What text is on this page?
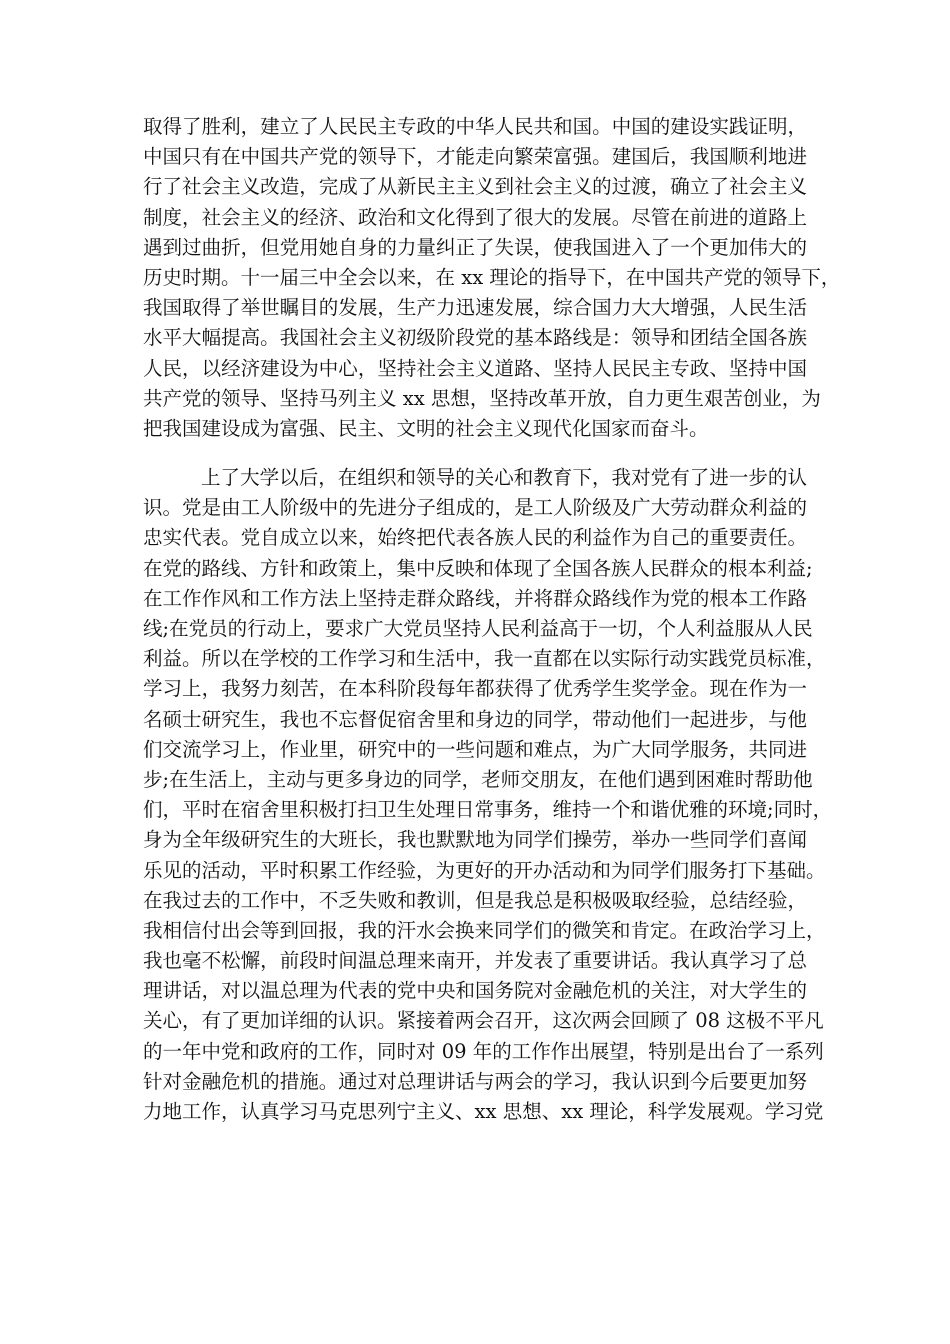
取得了胜利，建立了人民民主专政的中华人民共和国。中国的建设实践证明，
中国只有在中国共产党的领导下，才能走向繁荣富强。建国后，我国顺利地进
行了社会主义改造，完成了从新民主主义到社会主义的过渡，确立了社会主义
制度，社会主义的经济、政治和文化得到了很大的发展。尽管在前进的道路上
遇到过曲折，但党用她自身的力量纠正了失误，使我国进入了一个更加伟大的
历史时期。十一届三中全会以来，在 xx 理论的指导下，在中国共产党的领导下，
我国取得了举世瞩目的发展，生产力迅速发展，综合国力大大增强，人民生活
水平大幅提高。我国社会主义初级阶段党的基本路线是：领导和团结全国各族
人民，以经济建设为中心，坚持社会主义道路、坚持人民民主专政、坚持中国
共产党的领导、坚持马列主义 xx 思想，坚持改革开放，自力更生艰苦创业，为
把我国建设成为富强、民主、文明的社会主义现代化国家而奋斗。
上了大学以后，在组织和领导的关心和教育下，我对党有了进一步的认
识。党是由工人阶级中的先进分子组成的，是工人阶级及广大劳动群众利益的
忠实代表。党自成立以来，始终把代表各族人民的利益作为自己的重要责任。
在党的路线、方针和政策上，集中反映和体现了全国各族人民群众的根本利益;
在工作作风和工作方法上坚持走群众路线，并将群众路线作为党的根本工作路
线;在党员的行动上，要求广大党员坚持人民利益高于一切，个人利益服从人民
利益。所以在学校的工作学习和生活中，我一直都在以实际行动实践党员标准，
学习上，我努力刻苦，在本科阶段每年都获得了优秀学生奖学金。现在作为一
名硕士研究生，我也不忘督促宿舍里和身边的同学，带动他们一起进步，与他
们交流学习上，作业里，研究中的一些问题和难点，为广大同学服务，共同进
步;在生活上，主动与更多身边的同学，老师交朋友，在他们遇到困难时帮助他
们，平时在宿舍里积极打扫卫生处理日常事务，维持一个和谐优雅的环境;同时，
身为全年级研究生的大班长，我也默默地为同学们操劳，举办一些同学们喜闻
乐见的活动，平时积累工作经验，为更好的开办活动和为同学们服务打下基础。
在我过去的工作中，不乏失败和教训，但是我总是积极吸取经验，总结经验，
我相信付出会等到回报，我的汗水会换来同学们的微笑和肯定。在政治学习上，
我也毫不松懈，前段时间温总理来南开，并发表了重要讲话。我认真学习了总
理讲话，对以温总理为代表的党中央和国务院对金融危机的关注，对大学生的
关心，有了更加详细的认识。紧接着两会召开，这次两会回顾了 08 这极不平凡
的一年中党和政府的工作，同时对 09 年的工作作出展望，特别是出台了一系列
针对金融危机的措施。通过对总理讲话与两会的学习，我认识到今后要更加努
力地工作，认真学习马克思列宁主义、xx 思想、xx 理论，科学发展观。学习党
